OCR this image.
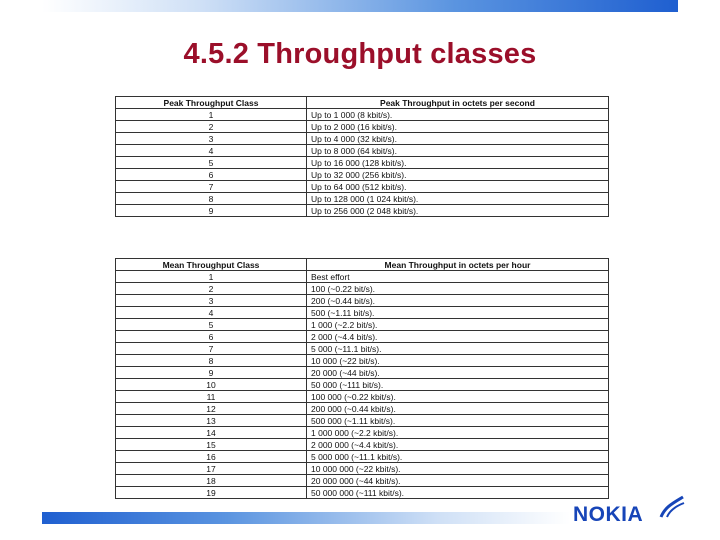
4.5.2 Throughput classes
Peak Throughput Class	Peak Throughput in octets per second
1	Up to 1 000 (8 kbit/s).
2	Up to 2 000 (16 kbit/s).
3	Up to 4 000 (32 kbit/s).
4	Up to 8 000 (64 kbit/s).
5	Up to 16 000 (128 kbit/s).
6	Up to 32 000 (256 kbit/s).
7	Up to 64 000 (512 kbit/s).
8	Up to 128 000 (1 024 kbit/s).
9	Up to 256 000 (2 048 kbit/s).
Mean Throughput Class	Mean Throughput in octets per hour
1	Best effort
2	100 (~0.22 bit/s).
3	200 (~0.44 bit/s).
4	500 (~1.11 bit/s).
5	1 000 (~2.2 bit/s).
6	2 000 (~4.4 bit/s).
7	5 000 (~11.1 bit/s).
8	10 000 (~22 bit/s).
9	20 000 (~44 bit/s).
10	50 000 (~111 bit/s).
11	100 000 (~0.22 kbit/s).
12	200 000 (~0.44 kbit/s).
13	500 000 (~1.11 kbit/s).
14	1 000 000 (~2.2 kbit/s).
15	2 000 000 (~4.4 kbit/s).
16	5 000 000 (~11.1 kbit/s).
17	10 000 000 (~22 kbit/s).
18	20 000 000 (~44 kbit/s).
19	50 000 000 (~111 kbit/s).
NOKIA
